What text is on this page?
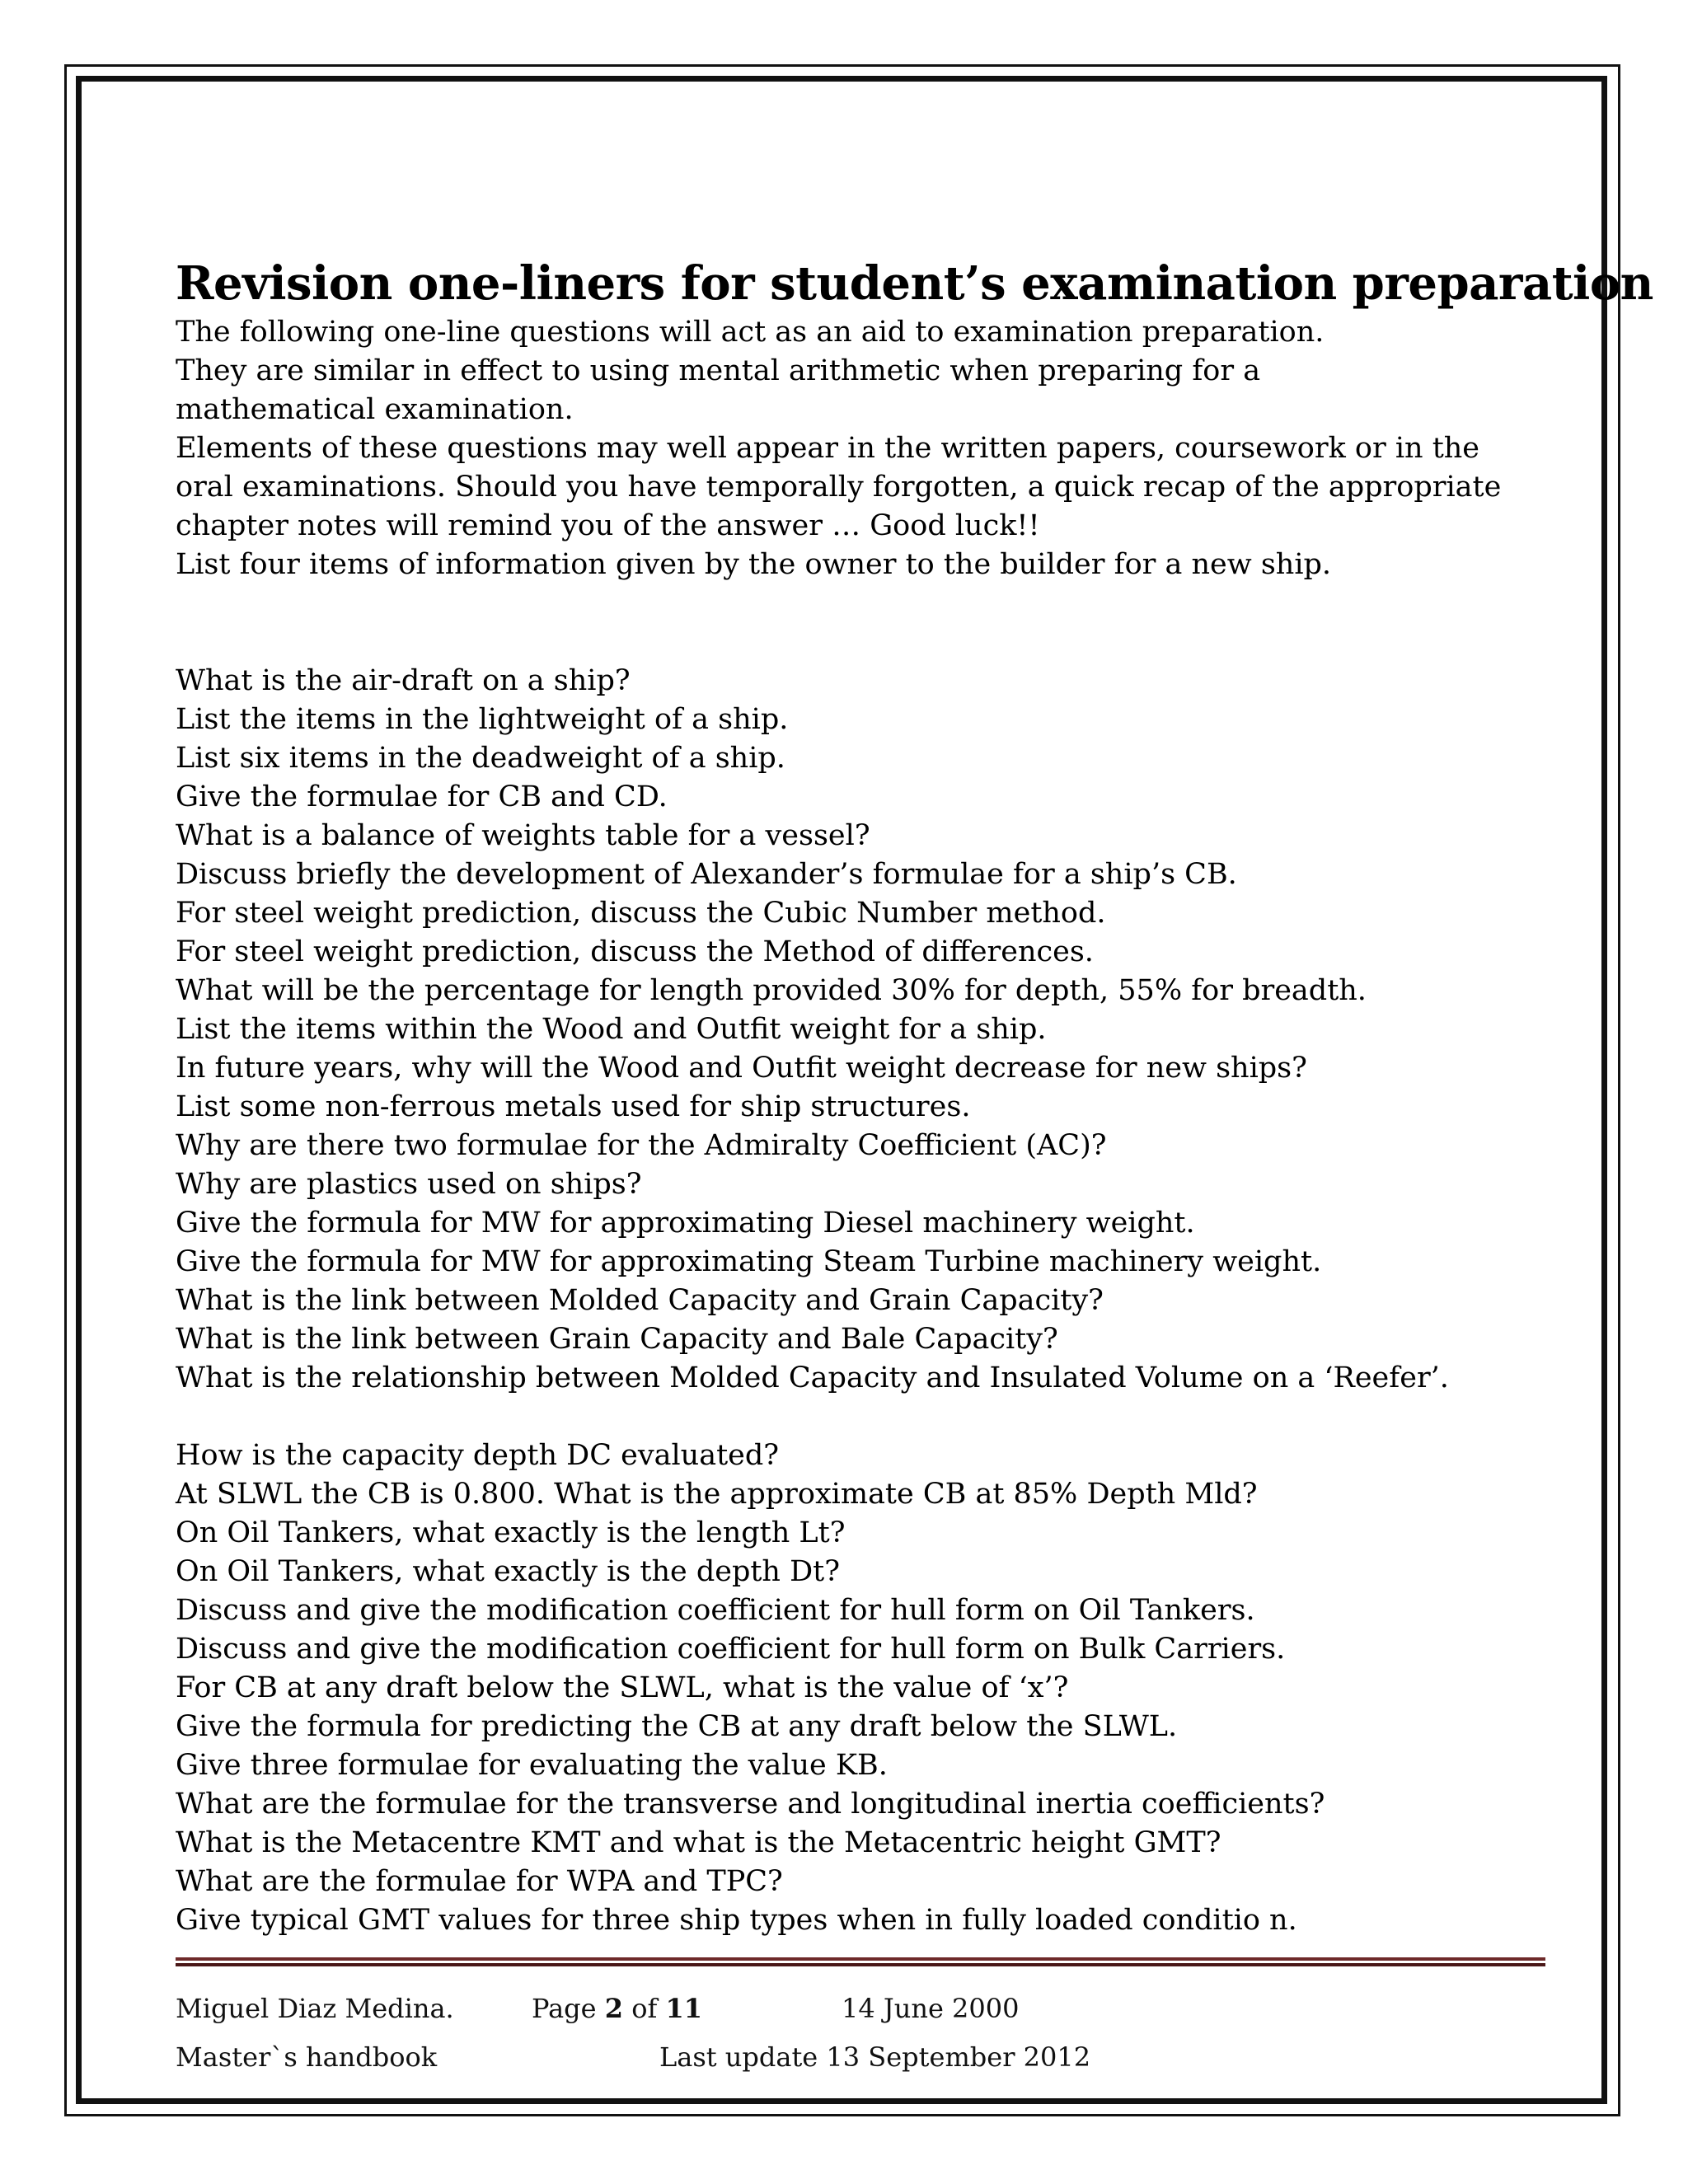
Revision one-liners for student’s examination preparation

The following one-line questions will act as an aid to examination preparation.

They are similar in effect to using mental arithmetic when preparing for a mathematical examination.

Elements of these questions may well appear in the written papers, coursework or in the oral examinations. Should you have temporally forgotten, a quick recap of the appropriate chapter notes will remind you of the answer … Good luck!!

List four items of information given by the owner to the builder for a new ship.

What is the air-draft on a ship?
List the items in the lightweight of a ship.
List six items in the deadweight of a ship.
Give the formulae for CB and CD.
What is a balance of weights table for a vessel?
Discuss briefly the development of Alexander’s formulae for a ship’s CB.
For steel weight prediction, discuss the Cubic Number method.
For steel weight prediction, discuss the Method of differences.
What will be the percentage for length provided 30% for depth, 55% for breadth.
List the items within the Wood and Outfit weight for a ship.
In future years, why will the Wood and Outfit weight decrease for new ships?
List some non-ferrous metals used for ship structures.
Why are there two formulae for the Admiralty Coefficient (AC)?
Why are plastics used on ships?
Give the formula for MW for approximating Diesel machinery weight.
Give the formula for MW for approximating Steam Turbine machinery weight.
What is the link between Molded Capacity and Grain Capacity?
What is the link between Grain Capacity and Bale Capacity?
What is the relationship between Molded Capacity and Insulated Volume on a ‘Reefer’.
How is the capacity depth DC evaluated?
At SLWL the CB is 0.800. What is the approximate CB at 85% Depth Mld?
On Oil Tankers, what exactly is the length Lt?
On Oil Tankers, what exactly is the depth Dt?
Discuss and give the modification coefficient for hull form on Oil Tankers.
Discuss and give the modification coefficient for hull form on Bulk Carriers.
For CB at any draft below the SLWL, what is the value of ‘x’?
Give the formula for predicting the CB at any draft below the SLWL.
Give three formulae for evaluating the value KB.
What are the formulae for the transverse and longitudinal inertia coefficients?
What is the Metacentre KMT and what is the Metacentric height GMT?
What are the formulae for WPA and TPC?
Give typical GMT values for three ship types when in fully loaded conditio n.
Miguel Diaz Medina.	Page 2 of 11	14 June 2000
Master`s handbook	Last update 13 September 2012
